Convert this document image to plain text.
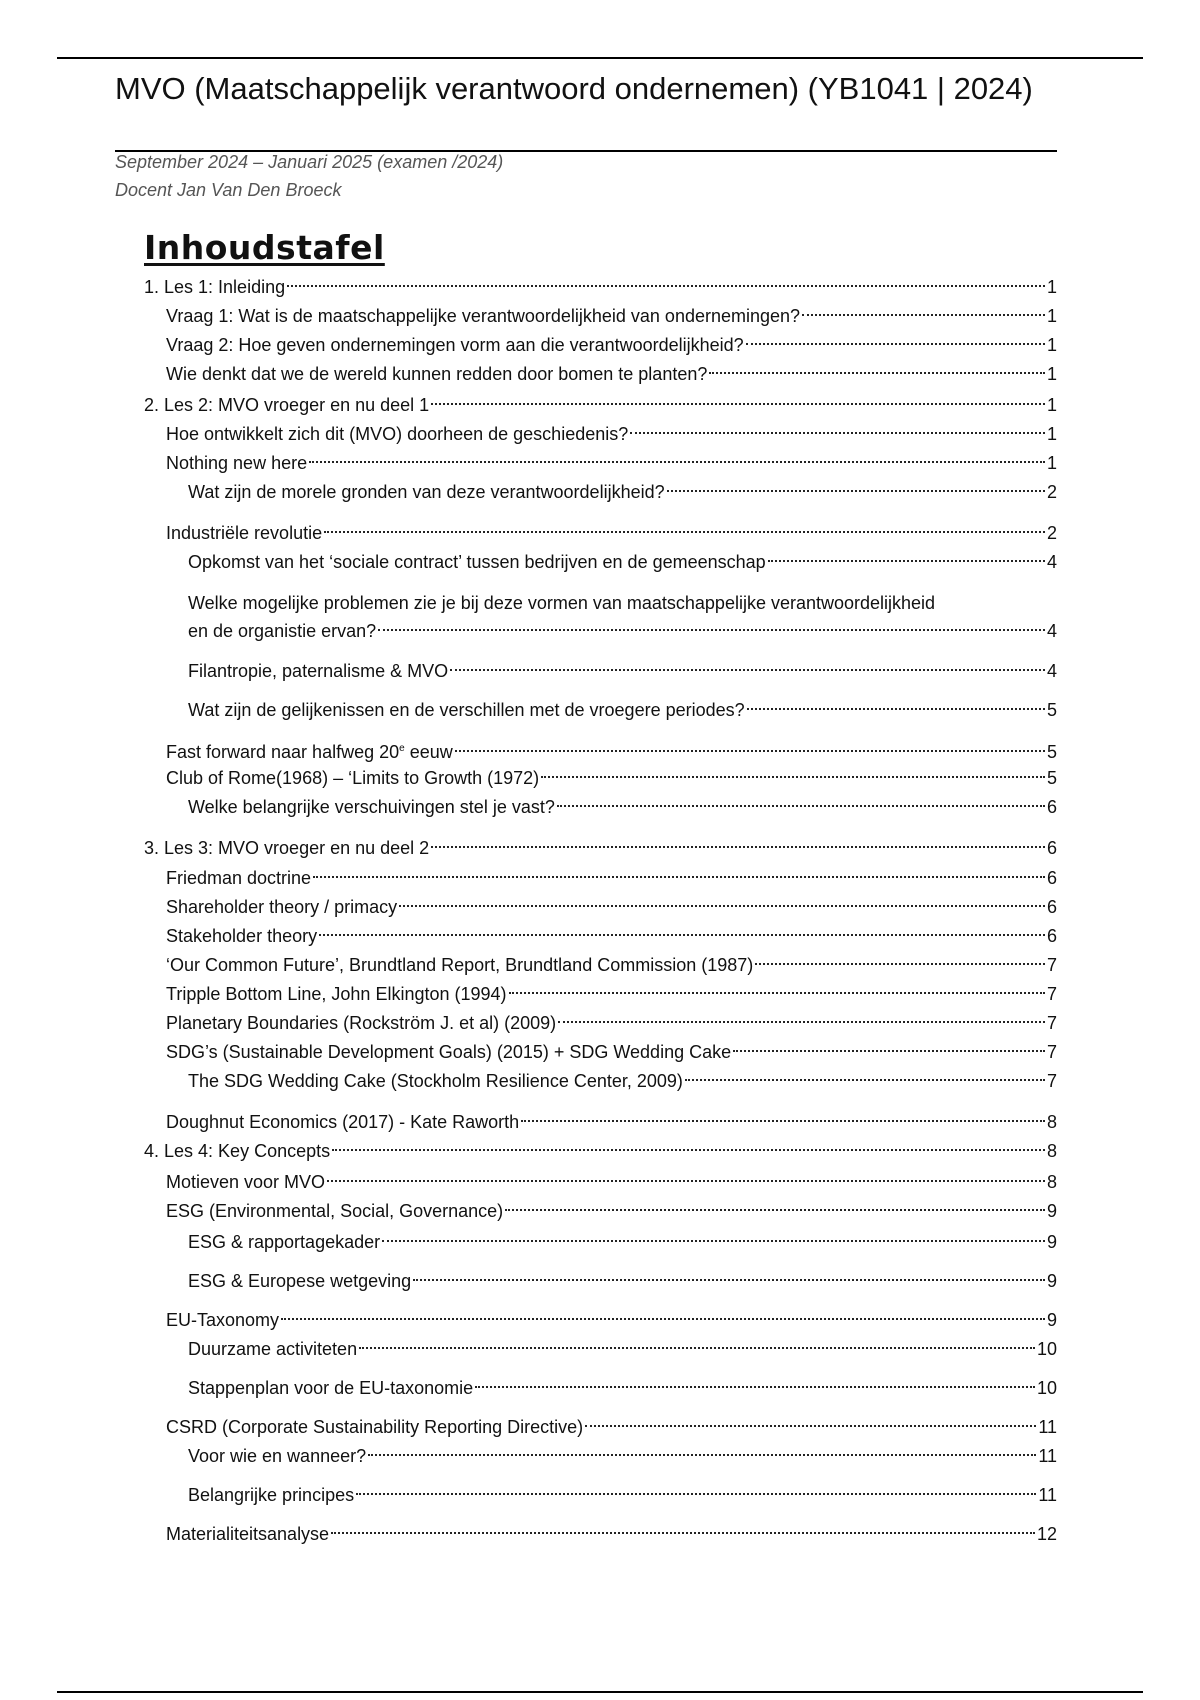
MVO (Maatschappelijk verantwoord ondernemen) (YB1041 | 2024)
September 2024 – Januari 2025 (examen /2024)
Docent Jan Van Den Broeck
Inhoudstafel
1. Les 1: Inleiding	1
Vraag 1: Wat is de maatschappelijke verantwoordelijkheid van ondernemingen?	1
Vraag 2: Hoe geven ondernemingen vorm aan die verantwoordelijkheid?	1
Wie denkt dat we de wereld kunnen redden door bomen te planten?	1
2. Les 2: MVO vroeger en nu deel 1	1
Hoe ontwikkelt zich dit (MVO) doorheen de geschiedenis?	1
Nothing new here	1
Wat zijn de morele gronden van deze verantwoordelijkheid?	2
Industriële revolutie	2
Opkomst van het ‘sociale contract’ tussen bedrijven en de gemeenschap	4
Welke mogelijke problemen zie je bij deze vormen van maatschappelijke verantwoordelijkheid
en de organistie ervan?	4
Filantropie, paternalisme & MVO	4
Wat zijn de gelijkenissen en de verschillen met de vroegere periodes?	5
Fast forward naar halfweg 20e eeuw	5
Club of Rome(1968) – ‘Limits to Growth (1972)	5
Welke belangrijke verschuivingen stel je vast?	6
3. Les 3: MVO vroeger en nu deel 2	6
Friedman doctrine	6
Shareholder theory / primacy	6
Stakeholder theory	6
‘Our Common Future’, Brundtland Report, Brundtland Commission (1987)	7
Tripple Bottom Line, John Elkington (1994)	7
Planetary Boundaries (Rockström J. et al) (2009)	7
SDG’s (Sustainable Development Goals) (2015) + SDG Wedding Cake	7
The SDG Wedding Cake (Stockholm Resilience Center, 2009)	7
Doughnut Economics (2017) - Kate Raworth	8
4. Les 4: Key Concepts	8
Motieven voor MVO	8
ESG (Environmental, Social, Governance)	9
ESG & rapportagekader	9
ESG & Europese wetgeving	9
EU-Taxonomy	9
Duurzame activiteten	10
Stappenplan voor de EU-taxonomie	10
CSRD (Corporate Sustainability Reporting Directive)	11
Voor wie en wanneer?	11
Belangrijke principes	11
Materialiteitsanalyse	12
